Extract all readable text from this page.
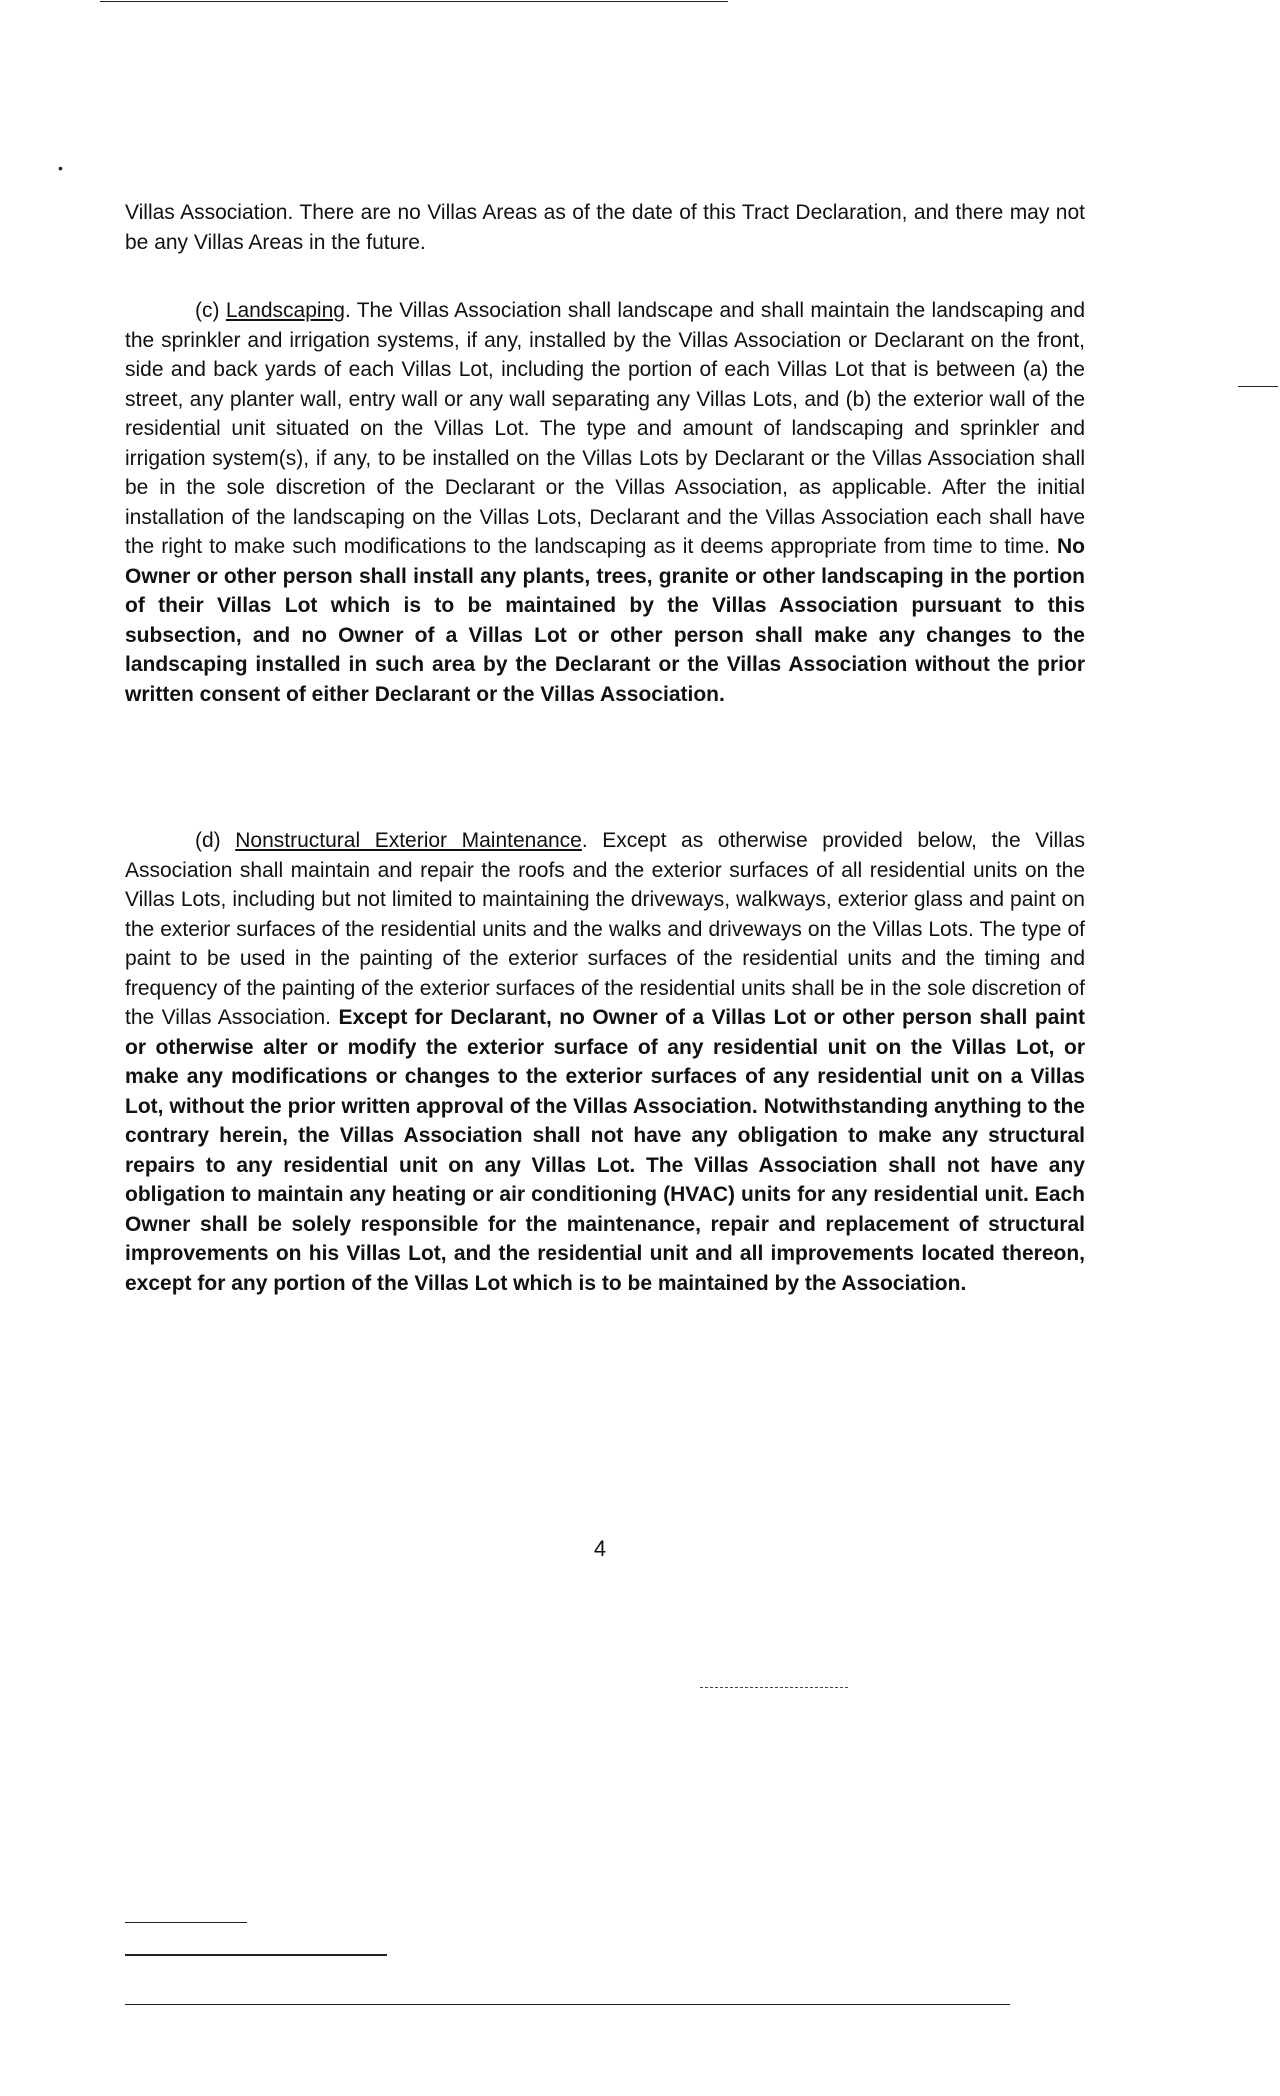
•

Villas Association. There are no Villas Areas as of the date of this Tract Declaration, and there may not be any Villas Areas in the future.

(c) Landscaping. The Villas Association shall landscape and shall maintain the landscaping and the sprinkler and irrigation systems, if any, installed by the Villas Association or Declarant on the front, side and back yards of each Villas Lot, including the portion of each Villas Lot that is between (a) the street, any planter wall, entry wall or any wall separating any Villas Lots, and (b) the exterior wall of the residential unit situated on the Villas Lot. The type and amount of landscaping and sprinkler and irrigation system(s), if any, to be installed on the Villas Lots by Declarant or the Villas Association shall be in the sole discretion of the Declarant or the Villas Association, as applicable. After the initial installation of the landscaping on the Villas Lots, Declarant and the Villas Association each shall have the right to make such modifications to the landscaping as it deems appropriate from time to time. No Owner or other person shall install any plants, trees, granite or other landscaping in the portion of their Villas Lot which is to be maintained by the Villas Association pursuant to this subsection, and no Owner of a Villas Lot or other person shall make any changes to the landscaping installed in such area by the Declarant or the Villas Association without the prior written consent of either Declarant or the Villas Association.

(d) Nonstructural Exterior Maintenance. Except as otherwise provided below, the Villas Association shall maintain and repair the roofs and the exterior surfaces of all residential units on the Villas Lots, including but not limited to maintaining the driveways, walkways, exterior glass and paint on the exterior surfaces of the residential units and the walks and driveways on the Villas Lots. The type of paint to be used in the painting of the exterior surfaces of the residential units and the timing and frequency of the painting of the exterior surfaces of the residential units shall be in the sole discretion of the Villas Association. Except for Declarant, no Owner of a Villas Lot or other person shall paint or otherwise alter or modify the exterior surface of any residential unit on the Villas Lot, or make any modifications or changes to the exterior surfaces of any residential unit on a Villas Lot, without the prior written approval of the Villas Association. Notwithstanding anything to the contrary herein, the Villas Association shall not have any obligation to make any structural repairs to any residential unit on any Villas Lot. The Villas Association shall not have any obligation to maintain any heating or air conditioning (HVAC) units for any residential unit. Each Owner shall be solely responsible for the maintenance, repair and replacement of structural improvements on his Villas Lot, and the residential unit and all improvements located thereon, except for any portion of the Villas Lot which is to be maintained by the Association.

4
